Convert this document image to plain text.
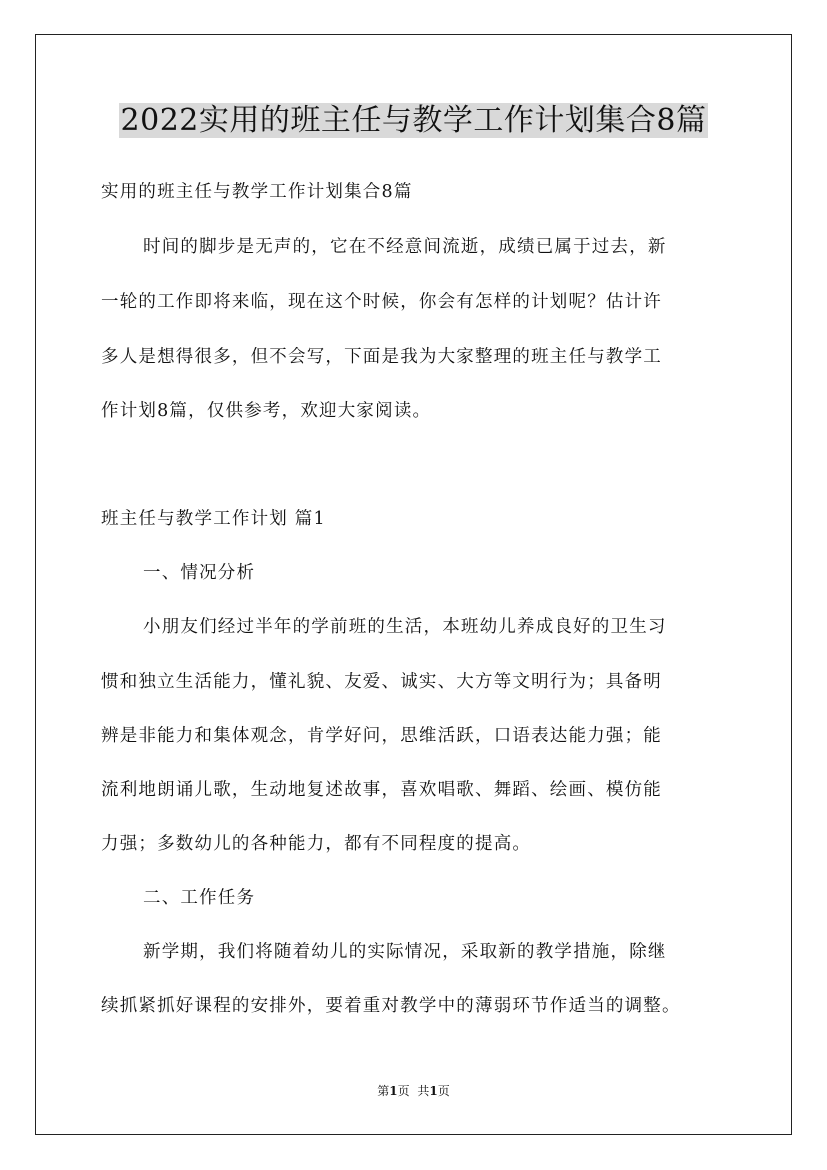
2022实用的班主任与教学工作计划集合8篇

实用的班主任与教学工作计划集合8篇

时间的脚步是无声的，它在不经意间流逝，成绩已属于过去，新

一轮的工作即将来临，现在这个时候，你会有怎样的计划呢？估计许

多人是想得很多，但不会写，下面是我为大家整理的班主任与教学工

作计划8篇，仅供参考，欢迎大家阅读。

班主任与教学工作计划 篇1

一、情况分析

小朋友们经过半年的学前班的生活，本班幼儿养成良好的卫生习

惯和独立生活能力，懂礼貌、友爱、诚实、大方等文明行为；具备明

辨是非能力和集体观念，肯学好问，思维活跃，口语表达能力强；能

流利地朗诵儿歌，生动地复述故事，喜欢唱歌、舞蹈、绘画、模仿能

力强；多数幼儿的各种能力，都有不同程度的提高。

二、工作任务

新学期，我们将随着幼儿的实际情况，采取新的教学措施，除继

续抓紧抓好课程的安排外，要着重对教学中的薄弱环节作适当的调整。

第1页 共1页
